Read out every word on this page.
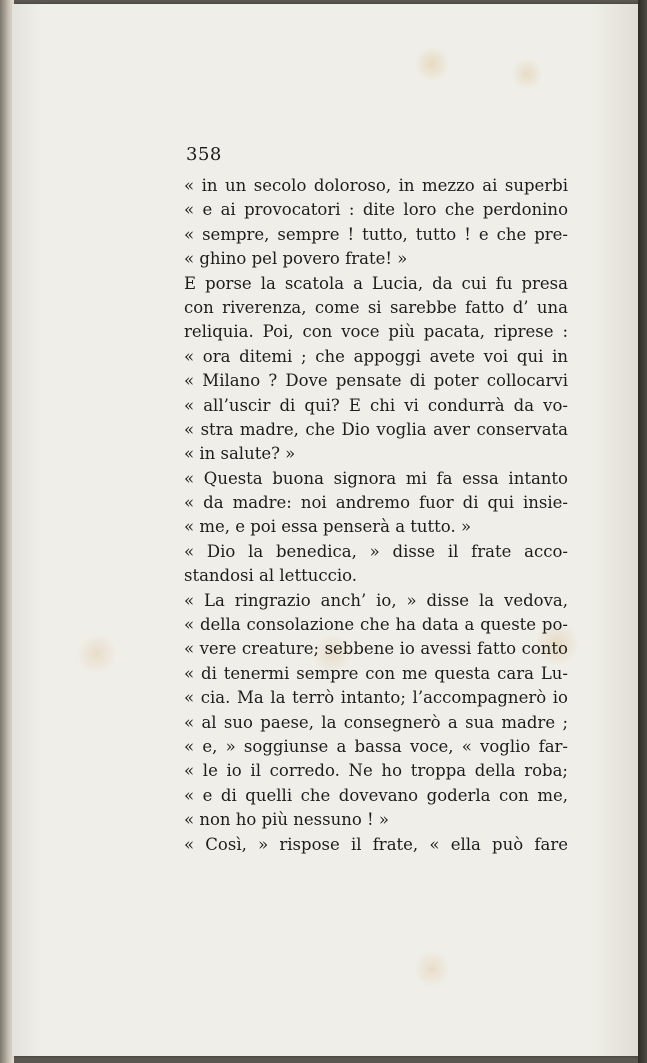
358
« in un secolo doloroso, in mezzo ai superbi
« e ai provocatori : dite loro che perdonino
« sempre, sempre ! tutto, tutto ! e che pre-
« ghino pel povero frate! »
E porse la scatola a Lucia, da cui fu presa
con riverenza, come si sarebbe fatto d’ una
reliquia. Poi, con voce più pacata, riprese :
« ora ditemi ; che appoggi avete voi qui in
« Milano ? Dove pensate di poter collocarvi
« all’uscir di qui? E chi vi condurrà da vo-
« stra madre, che Dio voglia aver conservata
« in salute? »
« Questa buona signora mi fa essa intanto
« da madre: noi andremo fuor di qui insie-
« me, e poi essa penserà a tutto. »
« Dio la benedica, » disse il frate acco-
standosi al lettuccio.
« La ringrazio anch’ io, » disse la vedova,
« della consolazione che ha data a queste po-
« vere creature; sebbene io avessi fatto conto
« di tenermi sempre con me questa cara Lu-
« cia. Ma la terrò intanto; l’accompagnerò io
« al suo paese, la consegnerò a sua madre ;
« e, » soggiunse a bassa voce, « voglio far-
« le io il corredo. Ne ho troppa della roba;
« e di quelli che dovevano goderla con me,
« non ho più nessuno ! »
« Così, » rispose il frate, « ella può fare
